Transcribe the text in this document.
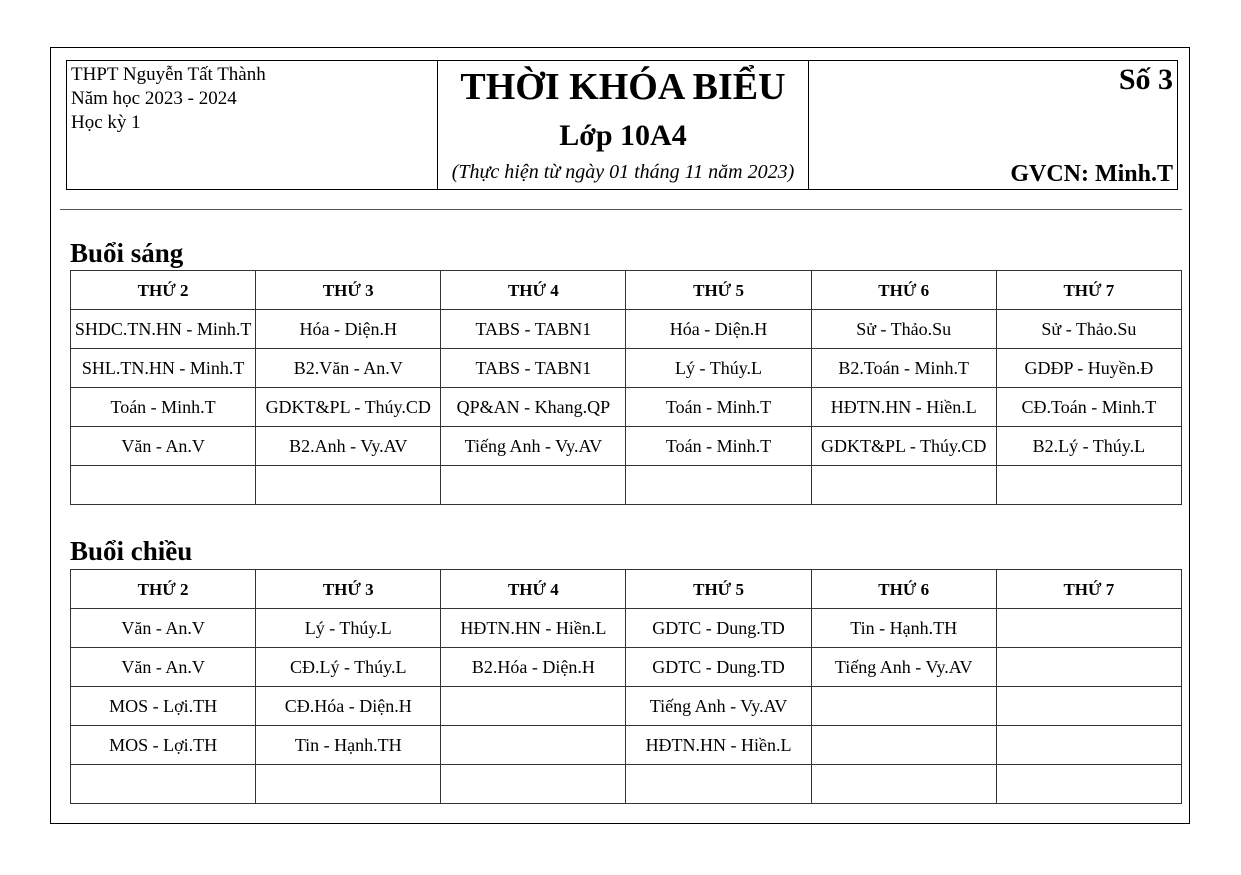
THPT Nguyễn Tất Thành
Năm học 2023 - 2024
Học kỳ 1
THỜI KHÓA BIỂU
Lớp 10A4
(Thực hiện từ ngày 01 tháng 11 năm 2023)
Số 3
GVCN: Minh.T
Buổi sáng
THỨ 2	THỨ 3	THỨ 4	THỨ 5	THỨ 6	THỨ 7
SHDC.TN.HN - Minh.T	Hóa - Diện.H	TABS - TABN1	Hóa - Diện.H	Sử - Thảo.Su	Sử - Thảo.Su
SHL.TN.HN - Minh.T	B2.Văn - An.V	TABS - TABN1	Lý - Thúy.L	B2.Toán - Minh.T	GDĐP - Huyền.Đ
Toán - Minh.T	GDKT&PL - Thúy.CD	QP&AN - Khang.QP	Toán - Minh.T	HĐTN.HN - Hiền.L	CĐ.Toán - Minh.T
Văn - An.V	B2.Anh - Vy.AV	Tiếng Anh - Vy.AV	Toán - Minh.T	GDKT&PL - Thúy.CD	B2.Lý - Thúy.L

Buổi chiều
THỨ 2	THỨ 3	THỨ 4	THỨ 5	THỨ 6	THỨ 7
Văn - An.V	Lý - Thúy.L	HĐTN.HN - Hiền.L	GDTC - Dung.TD	Tin - Hạnh.TH	
Văn - An.V	CĐ.Lý - Thúy.L	B2.Hóa - Diện.H	GDTC - Dung.TD	Tiếng Anh - Vy.AV	
MOS - Lợi.TH	CĐ.Hóa - Diện.H		Tiếng Anh - Vy.AV		
MOS - Lợi.TH	Tin - Hạnh.TH		HĐTN.HN - Hiền.L		
